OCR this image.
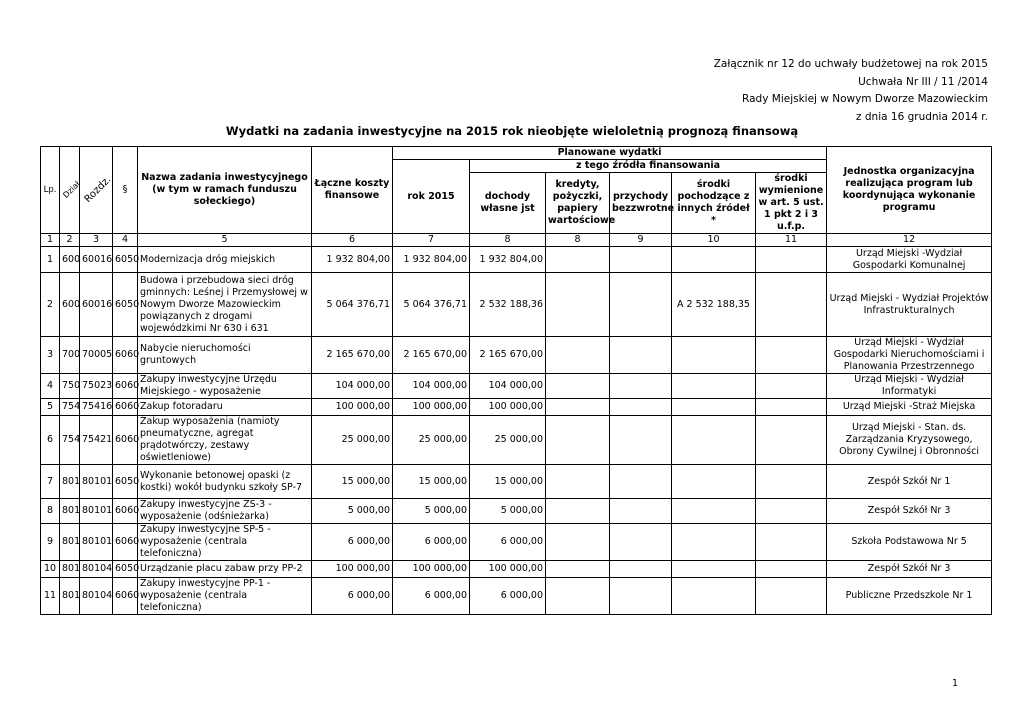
Załącznik nr 12 do uchwały budżetowej na rok 2015
Uchwała Nr III / 11 /2014
Rady Miejskiej w Nowym Dworze Mazowieckim
z dnia 16 grudnia 2014 r.
Wydatki na zadania inwestycyjne na 2015 rok nieobjęte wieloletnią prognozą finansową
Lp.	Dział	Rozdz.	§	Nazwa zadania inwestycyjnego (w tym w ramach funduszu sołeckiego)	Łączne koszty finansowe	Planowane wydatki						Jednostka organizacyjna realizująca program lub koordynująca wykonanie programu
						rok 2015	z tego źródła finansowania					
							dochody własne jst	kredyty, pożyczki, papiery wartościowe	przychody bezzwrotne	środki pochodzące z innych źródeł *	środki wymienione w art. 5 ust. 1 pkt 2 i 3 u.f.p.	
1	2	3	4	5	6	7	8	8	9	10	11	12
1	600	60016	6050	Modernizacja dróg miejskich	1 932 804,00	1 932 804,00	1 932 804,00					Urząd Miejski -Wydział Gospodarki Komunalnej
2	600	60016	6050	Budowa i przebudowa sieci dróg gminnych: Leśnej i Przemysłowej w Nowym Dworze Mazowieckim powiązanych z drogami wojewódzkimi Nr 630 i 631	5 064 376,71	5 064 376,71	2 532 188,36			A 2 532 188,35		Urząd Miejski - Wydział Projektów Infrastrukturalnych
3	700	70005	6060	Nabycie nieruchomości gruntowych	2 165 670,00	2 165 670,00	2 165 670,00					Urząd Miejski - Wydział Gospodarki Nieruchomościami i Planowania Przestrzennego
4	750	75023	6060	Zakupy inwestycyjne Urzędu Miejskiego - wyposażenie	104 000,00	104 000,00	104 000,00					Urząd Miejski - Wydział Informatyki
5	754	75416	6060	Zakup fotoradaru	100 000,00	100 000,00	100 000,00					Urząd Miejski -Straż Miejska
6	754	75421	6060	Zakup wyposażenia (namioty pneumatyczne, agregat prądotwórczy, zestawy oświetleniowe)	25 000,00	25 000,00	25 000,00					Urząd Miejski - Stan. ds. Zarządzania Kryzysowego, Obrony Cywilnej i Obronności
7	801	80101	6050	Wykonanie betonowej opaski (z kostki) wokół budynku szkoły SP-7	15 000,00	15 000,00	15 000,00					Zespół Szkół Nr 1
8	801	80101	6060	Zakupy inwestycyjne ZS-3 - wyposażenie (odśnieżarka)	5 000,00	5 000,00	5 000,00					Zespół Szkół Nr 3
9	801	80101	6060	Zakupy inwestycyjne SP-5 - wyposażenie (centrala telefoniczna)	6 000,00	6 000,00	6 000,00					Szkoła Podstawowa Nr 5
10	801	80104	6050	Urządzanie placu zabaw przy PP-2	100 000,00	100 000,00	100 000,00					Zespół Szkół Nr 3
11	801	80104	6060	Zakupy inwestycyjne PP-1 - wyposażenie (centrala telefoniczna)	6 000,00	6 000,00	6 000,00					Publiczne Przedszkole Nr 1
1
